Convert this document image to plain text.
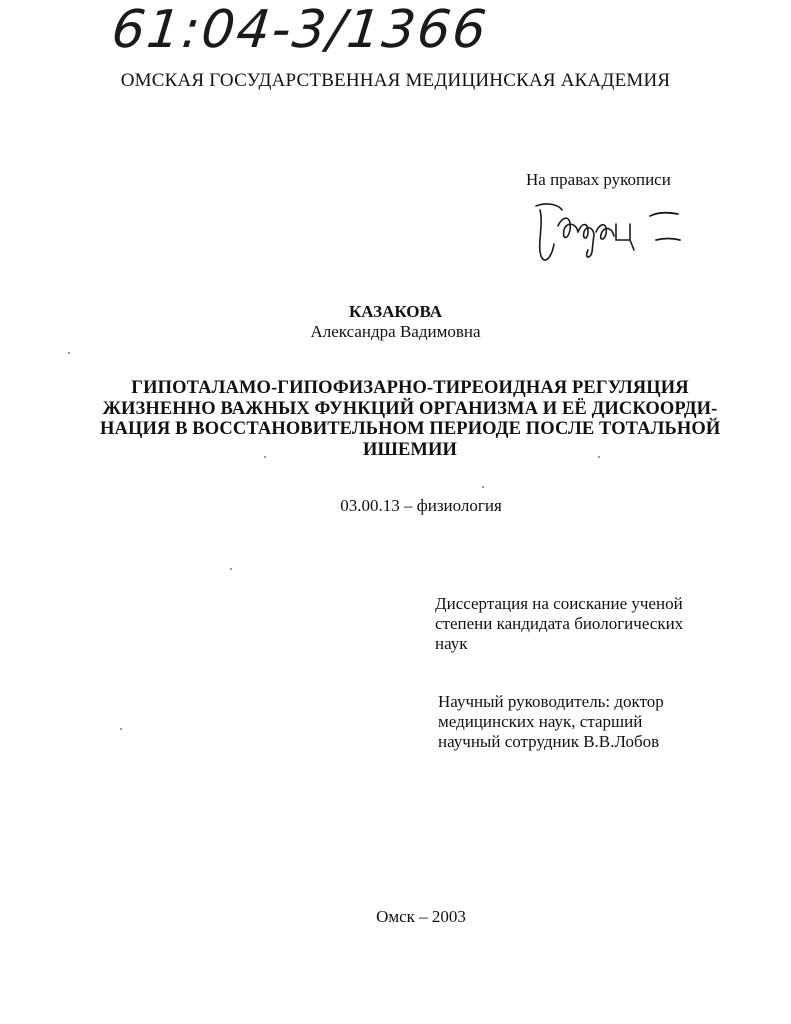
61:04-3/1366
ОМСКАЯ ГОСУДАРСТВЕННАЯ МЕДИЦИНСКАЯ АКАДЕМИЯ
На правах рукописи
КАЗАКОВА
Александра Вадимовна
ГИПОТАЛАМО-ГИПОФИЗАРНО-ТИРЕОИДНАЯ РЕГУЛЯЦИЯ
ЖИЗНЕННО ВАЖНЫХ ФУНКЦИЙ ОРГАНИЗМА И ЕЁ ДИСКООРДИ-
НАЦИЯ В ВОССТАНОВИТЕЛЬНОМ ПЕРИОДЕ ПОСЛЕ ТОТАЛЬНОЙ
ИШЕМИИ
03.00.13 – физиология
Диссертация на соискание ученой
степени кандидата биологических
наук
Научный руководитель: доктор
медицинских наук, старший
научный сотрудник В.В.Лобов
Омск – 2003
